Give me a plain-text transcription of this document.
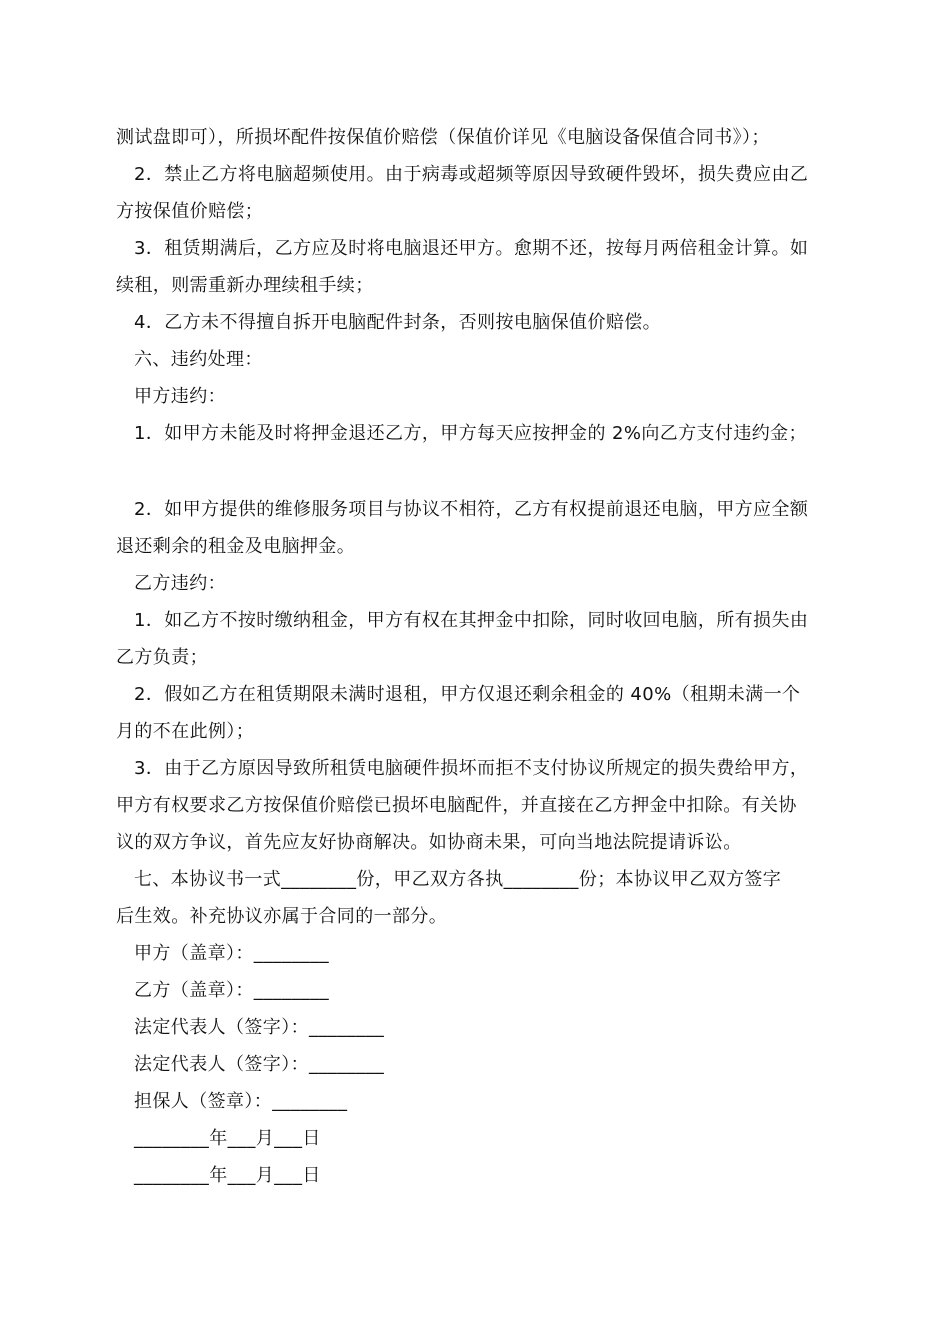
测试盘即可），所损坏配件按保值价赔偿（保值价详见《电脑设备保值合同书》）；
2．禁止乙方将电脑超频使用。由于病毒或超频等原因导致硬件毁坏，损失费应由乙
方按保值价赔偿；
3．租赁期满后，乙方应及时将电脑退还甲方。愈期不还，按每月两倍租金计算。如
续租，则需重新办理续租手续；
4．乙方未不得擅自拆开电脑配件封条，否则按电脑保值价赔偿。
六、违约处理：
甲方违约：
1．如甲方未能及时将押金退还乙方，甲方每天应按押金的 2%向乙方支付违约金；
2．如甲方提供的维修服务项目与协议不相符，乙方有权提前退还电脑，甲方应全额
退还剩余的租金及电脑押金。
乙方违约：
1．如乙方不按时缴纳租金，甲方有权在其押金中扣除，同时收回电脑，所有损失由
乙方负责；
2．假如乙方在租赁期限未满时退租，甲方仅退还剩余租金的 40%（租期未满一个
月的不在此例）；
3．由于乙方原因导致所租赁电脑硬件损坏而拒不支付协议所规定的损失费给甲方，
甲方有权要求乙方按保值价赔偿已损坏电脑配件，并直接在乙方押金中扣除。有关协
议的双方争议，首先应友好协商解决。如协商未果，可向当地法院提请诉讼。
七、本协议书一式________份，甲乙双方各执________份；本协议甲乙双方签字
后生效。补充协议亦属于合同的一部分。
甲方（盖章）：________
乙方（盖章）：________
法定代表人（签字）：________
法定代表人（签字）：________
担保人（签章）：________
________年___月___日
________年___月___日
